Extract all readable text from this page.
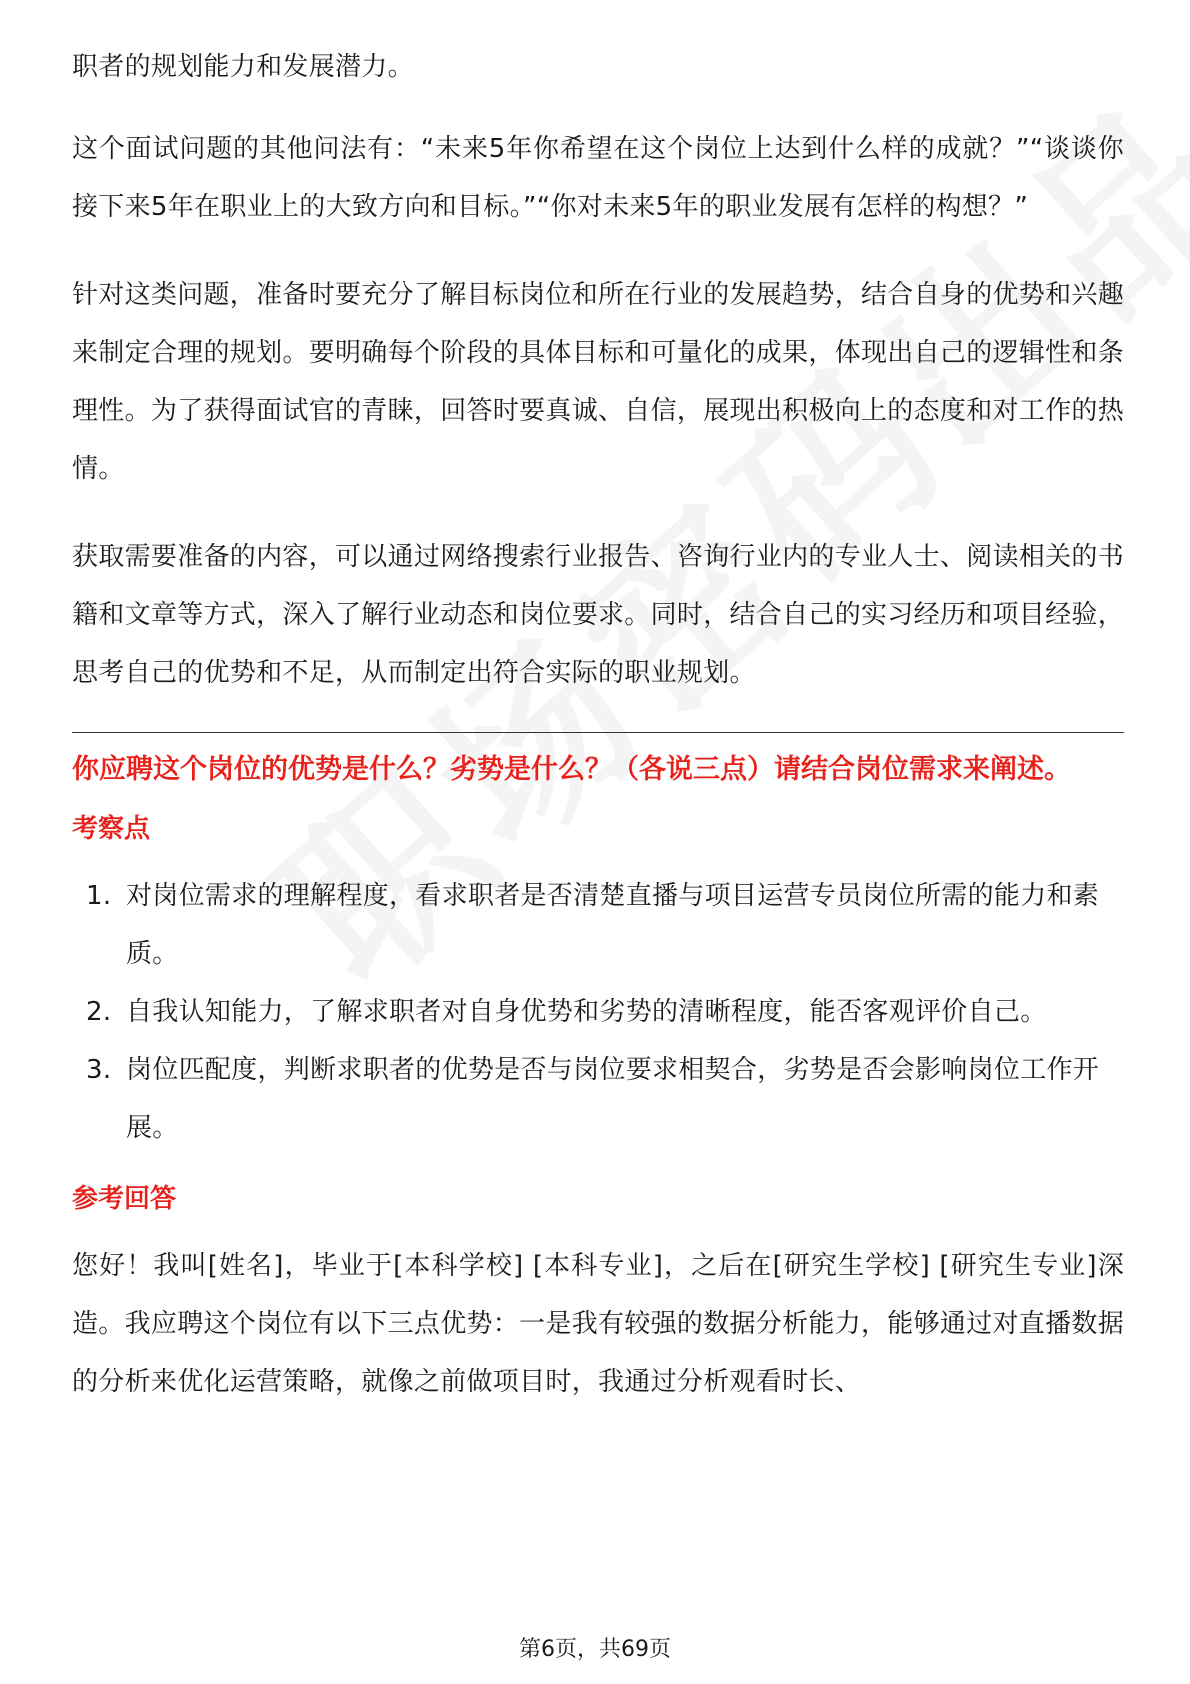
职者的规划能力和发展潜力。

这个面试问题的其他问法有：“未来5年你希望在这个岗位上达到什么样的成就？”“谈谈你接下来5年在职业上的大致方向和目标。”“你对未来5年的职业发展有怎样的构想？”

针对这类问题，准备时要充分了解目标岗位和所在行业的发展趋势，结合自身的优势和兴趣来制定合理的规划。要明确每个阶段的具体目标和可量化的成果，体现出自己的逻辑性和条理性。为了获得面试官的青睐，回答时要真诚、自信，展现出积极向上的态度和对工作的热情。

获取需要准备的内容，可以通过网络搜索行业报告、咨询行业内的专业人士、阅读相关的书籍和文章等方式，深入了解行业动态和岗位要求。同时，结合自己的实习经历和项目经验，思考自己的优势和不足，从而制定出符合实际的职业规划。

你应聘这个岗位的优势是什么？劣势是什么？（各说三点）请结合岗位需求来阐述。
考察点
1. 对岗位需求的理解程度，看求职者是否清楚直播与项目运营专员岗位所需的能力和素质。
2. 自我认知能力，了解求职者对自身优势和劣势的清晰程度，能否客观评价自己。
3. 岗位匹配度，判断求职者的优势是否与岗位要求相契合，劣势是否会影响岗位工作开展。
参考回答

您好！我叫[姓名]，毕业于[本科学校] [本科专业]，之后在[研究生学校] [研究生专业]深造。我应聘这个岗位有以下三点优势：一是我有较强的数据分析能力，能够通过对直播数据的分析来优化运营策略，就像之前做项目时，我通过分析观看时长、

第6页，共69页
